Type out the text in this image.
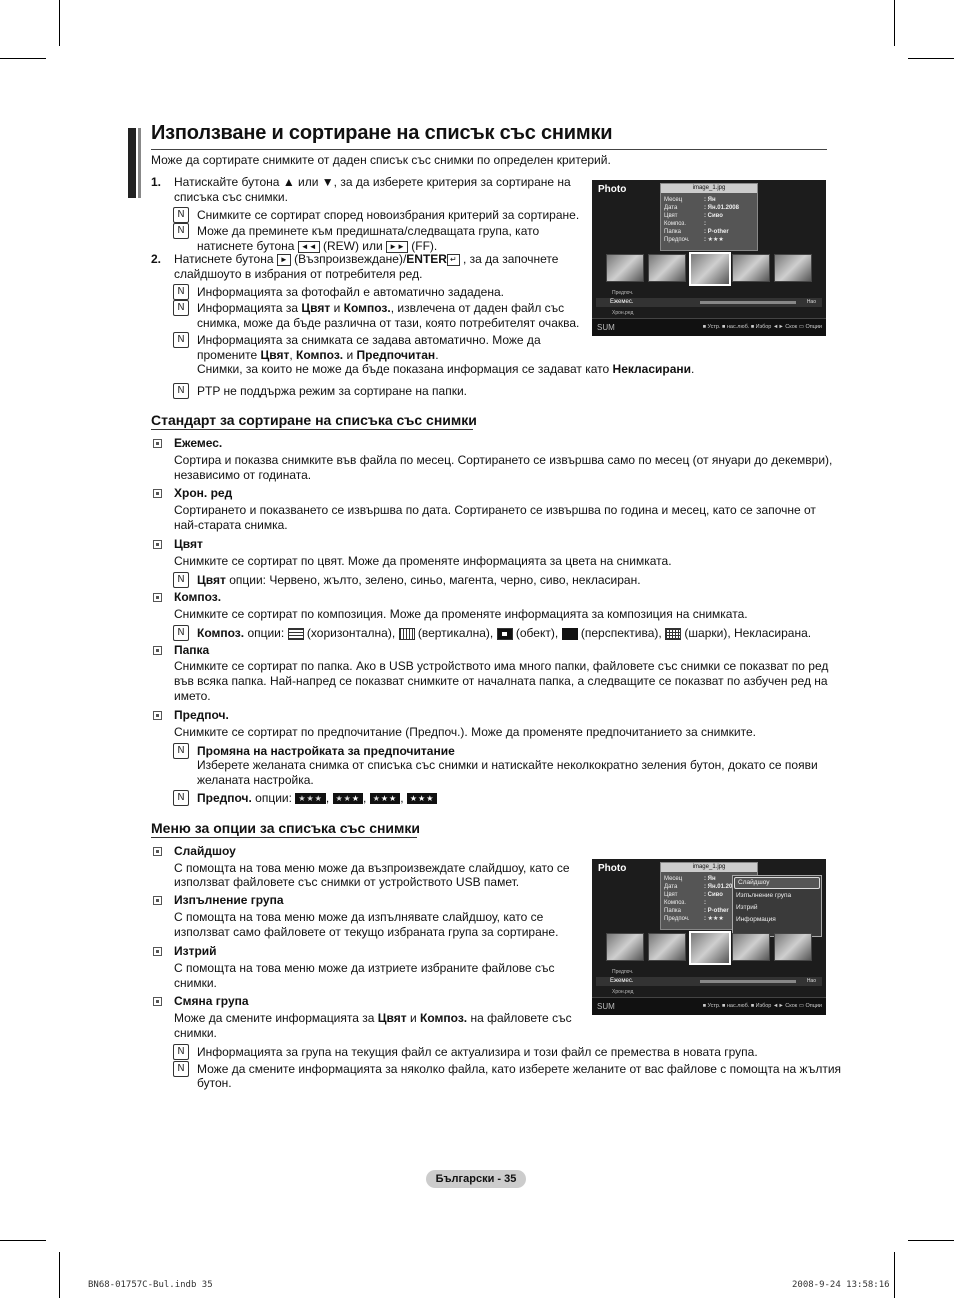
Използване и сортиране на списък със снимки
Може да сортирате снимките от даден списък със снимки по определен критерий.
1. Натискайте бутона ▲ или ▼, за да изберете критерия за сортиране на
списъка със снимки.
N	Снимките се сортират според новоизбрания критерий за сортиране.
N	Може да преминете към предишната/следващата група, като
натиснете бутона ◄◄ (REW) или ►► (FF).
2. Натиснете бутона ► (Възпроизвеждане)/ENTER ↵ , за да започнете
слайдшоуто в избрания от потребителя ред.
N	Информацията за фотофайл е автоматично зададена.
N	Информацията за Цвят и Композ., извлечена от даден файл със
снимка, може да бъде различна от тази, която потребителят очаква.
N	Информацията за снимката се задава автоматично. Може да
промените Цвят, Композ. и Предпочитан.
Снимки, за които не може да бъде показана информация се задават като Некласирани.
N	PTP не поддържа режим за сортиране на папки.
Photo	image_1.jpg
Месец	: Ян
Дата	: Ян.01.2008
Цвят	: Сиво
Композ.	:
Папка	: P-other
Предпоч. : ★★★
Предпоч.
Ежемес.	Нао
Хрон.ред
SUM	■ Устр. ■ нас.люб. ■ Избор ◄► Скок ▭ Опции
Стандарт за сортиране на списъка със снимки
Ежемес.
Сортира и показва снимките във файла по месец. Сортирането се извършва само по месец (от януари до декември),
независимо от годината.
Хрон. ред
Сортирането и показването се извършва по дата. Сортирането се извършва по година и месец, като се започне от
най-старата снимка.
Цвят
Снимките се сортират по цвят. Може да променяте информацията за цвета на снимката.
N	Цвят опции: Червено, жълто, зелено, синьо, магента, черно, сиво, некласиран.
Композ.
Снимките се сортират по композиция. Може да променяте информацията за композиция на снимката.
N	Композ. опции: (хоризонтална), (вертикална), (обект), (перспектива), (шарки), Некласирана.
Папка
Снимките се сортират по папка. Ако в USB устройството има много папки, файловете със снимки се показват по ред
във всяка папка. Най-напред се показват снимките от началната папка, а следващите се показват по азбучен ред на
името.
Предпоч.
Снимките се сортират по предпочитание (Предпоч.). Може да променяте предпочитанието за снимките.
N	Промяна на настройката за предпочитание
Изберете желаната снимка от списъка със снимки и натискайте неколкократно зеления бутон, докато се появи
желаната настройка.
N	Предпоч. опции: ★★★ , ★★★ , ★★★ , ★★★
Меню за опции за списъка със снимки
Слайдшоу
С помощта на това меню може да възпроизвеждате слайдшоу, като се
използват файловете със снимки от устройството USB памет.
Изпълнение група
С помощта на това меню може да изпълнявате слайдшоу, като се
използват само файловете от текущо избраната група за сортиране.
Изтрий
С помощта на това меню може да изтриете избраните файлове със
снимки.
Смяна група
Може да смените информацията за Цвят и Композ. на файловете със
снимки.
N	Информацията за група на текущия файл се актуализира и този файл се премества в новата група.
N	Може да смените информацията за няколко файла, като изберете желаните от вас файлове с помощта на жълтия
бутон.
Photo	image_1.jpg
Месец	: Ян
Дата	: Ян.01.20
Цвят	: Сиво
Композ.	:
Папка	: P-other
Предпоч. : ★★★
Слайдшоу
Изпълнение група
Изтрий
Информация
Предпоч.
Ежемес.	Нао
Хрон.ред
SUM	■ Устр. ■ нас.люб. ■ Избор ◄► Скок ▭ Опции
Български - 35
BN68-01757C-Bul.indb 35	2008-9-24 13:58:16
